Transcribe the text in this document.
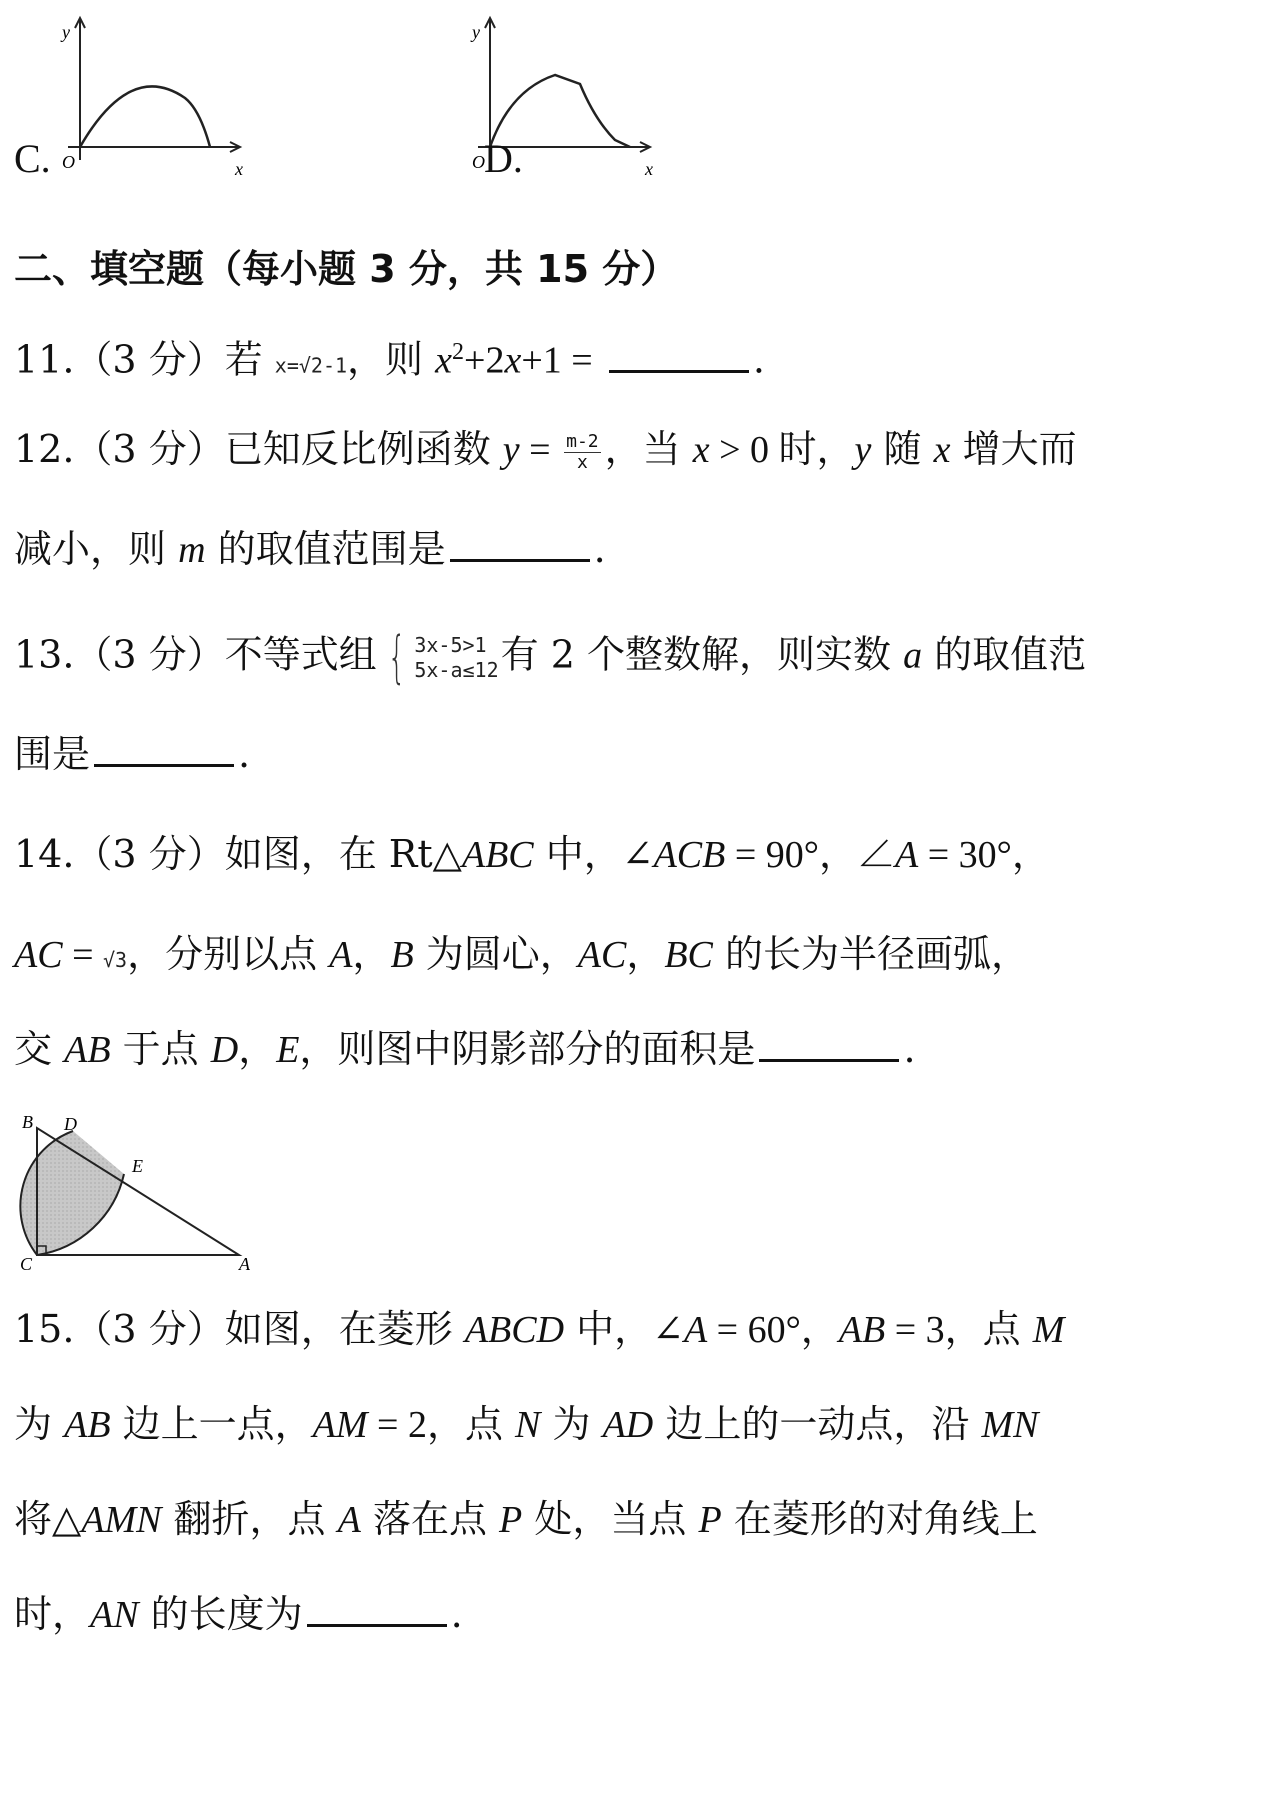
y
x
O
C.
y
x
O D.
二、填空题（每小题 3 分，共 15 分）
11.（3 分）若 x=√2-1，则 $x^2+2x+1$ =	.
12.（3 分）已知反比例函数 $y = \frac{m-2}{x}$ ，当 x > 0 时，y 随 x 增大而
减小，则 m 的取值范围是	.
13.（3 分）不等式组 { 3x-5>1
5x-a≤12 有 2 个整数解，则实数 a 的取值范
围是	.
14.（3 分）如图，在 Rt△ABC 中，∠ACB = 90°，∠A = 30°，
AC = √3，分别以点 A，B 为圆心，AC，BC 的长为半径画弧，
交 AB 于点 D，E，则图中阴影部分的面积是	.
B D
E
C	A
15.（3 分）如图，在菱形 ABCD 中，∠A = 60°，AB = 3，点 M
为 AB 边上一点，AM = 2，点 N 为 AD 边上的一动点，沿 MN
将△AMN 翻折，点 A 落在点 P 处，当点 P 在菱形的对角线上
时，AN 的长度为	.
